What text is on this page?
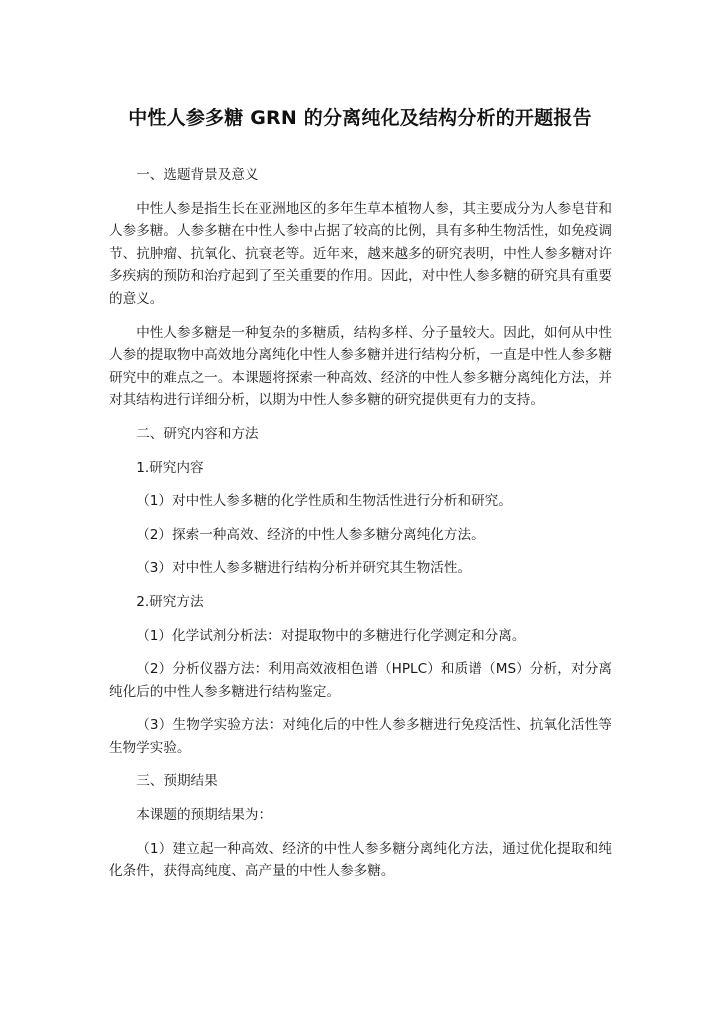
中性人参多糖 GRN 的分离纯化及结构分析的开题报告
一、选题背景及意义

中性人参是指生长在亚洲地区的多年生草本植物人参，其主要成分为人参皂苷和人参多糖。人参多糖在中性人参中占据了较高的比例，具有多种生物活性，如免疫调节、抗肿瘤、抗氧化、抗衰老等。近年来，越来越多的研究表明，中性人参多糖对许多疾病的预防和治疗起到了至关重要的作用。因此，对中性人参多糖的研究具有重要的意义。

中性人参多糖是一种复杂的多糖质，结构多样、分子量较大。因此，如何从中性人参的提取物中高效地分离纯化中性人参多糖并进行结构分析，一直是中性人参多糖研究中的难点之一。本课题将探索一种高效、经济的中性人参多糖分离纯化方法，并对其结构进行详细分析，以期为中性人参多糖的研究提供更有力的支持。

二、研究内容和方法
1.研究内容

（1）对中性人参多糖的化学性质和生物活性进行分析和研究。

（2）探索一种高效、经济的中性人参多糖分离纯化方法。

（3）对中性人参多糖进行结构分析并研究其生物活性。

2.研究方法

（1）化学试剂分析法：对提取物中的多糖进行化学测定和分离。

（2）分析仪器方法：利用高效液相色谱（HPLC）和质谱（MS）分析，对分离纯化后的中性人参多糖进行结构鉴定。

（3）生物学实验方法：对纯化后的中性人参多糖进行免疫活性、抗氧化活性等生物学实验。

三、预期结果
本课题的预期结果为：

（1）建立起一种高效、经济的中性人参多糖分离纯化方法，通过优化提取和纯化条件，获得高纯度、高产量的中性人参多糖。
